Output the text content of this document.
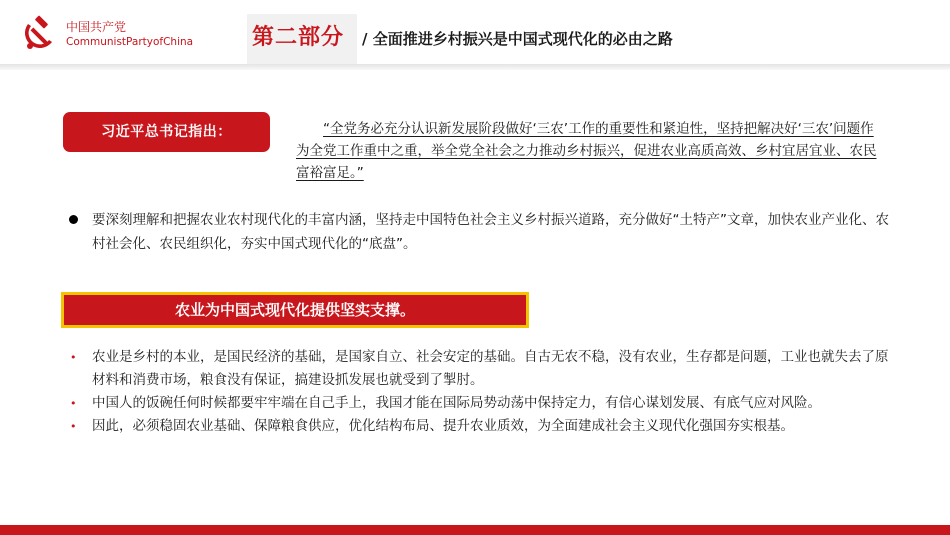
中国共产党
CommunistPartyofChina	第二部分 / 全面推进乡村振兴是中国式现代化的必由之路
习近平总书记指出：	“全党务必充分认识新发展阶段做好‘三农’工作的重要性和紧迫性，坚持把解决好‘三农’问题作为全党工作重中之重，举全党全社会之力推动乡村振兴，促进农业高质高效、乡村宜居宜业、农民富裕富足。”
要深刻理解和把握农业农村现代化的丰富内涵，坚持走中国特色社会主义乡村振兴道路，充分做好“土特产”文章，加快农业产业化、农村社会化、农民组织化，夯实中国式现代化的“底盘”。
农业为中国式现代化提供坚实支撑。
• 农业是乡村的本业，是国民经济的基础，是国家自立、社会安定的基础。自古无农不稳，没有农业，生存都是问题，工业也就失去了原材料和消费市场，粮食没有保证，搞建设抓发展也就受到了掣肘。
• 中国人的饭碗任何时候都要牢牢端在自己手上，我国才能在国际局势动荡中保持定力，有信心谋划发展、有底气应对风险。
• 因此，必须稳固农业基础、保障粮食供应，优化结构布局、提升农业质效，为全面建成社会主义现代化强国夯实根基。
